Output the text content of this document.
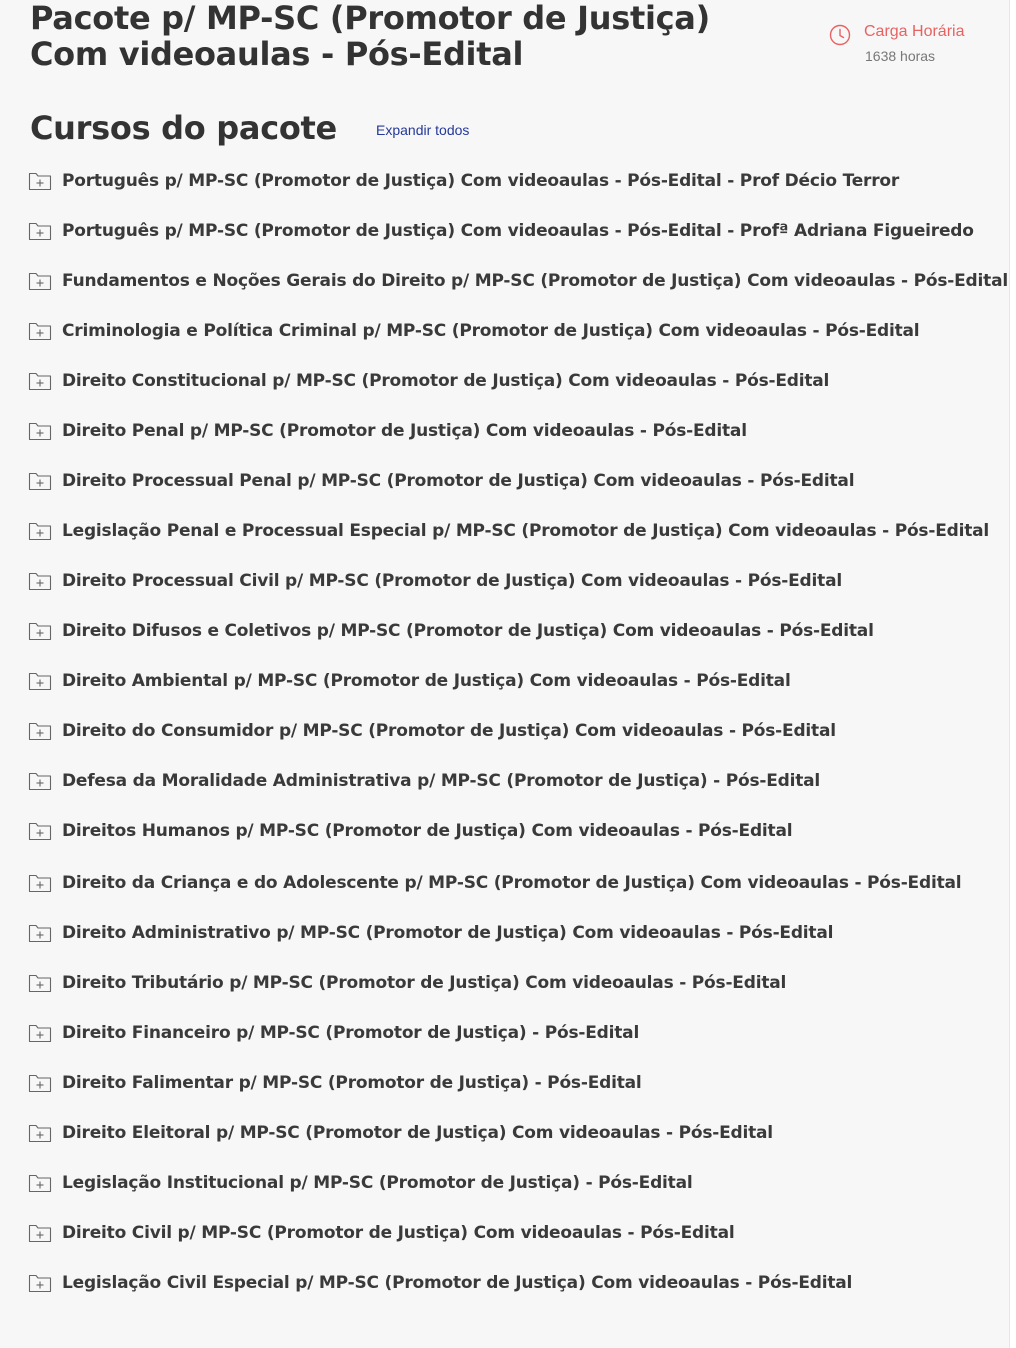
Pacote p/ MP-SC (Promotor de Justiça) Com videoaulas - Pós-Edital
Carga Horária
1638 horas
Cursos do pacote	Expandir todos
Português p/ MP-SC (Promotor de Justiça) Com videoaulas - Pós-Edital - Prof Décio Terror
Português p/ MP-SC (Promotor de Justiça) Com videoaulas - Pós-Edital - Profª Adriana Figueiredo
Fundamentos e Noções Gerais do Direito p/ MP-SC (Promotor de Justiça) Com videoaulas - Pós-Edital
Criminologia e Política Criminal p/ MP-SC (Promotor de Justiça) Com videoaulas - Pós-Edital
Direito Constitucional p/ MP-SC (Promotor de Justiça) Com videoaulas - Pós-Edital
Direito Penal p/ MP-SC (Promotor de Justiça) Com videoaulas - Pós-Edital
Direito Processual Penal p/ MP-SC (Promotor de Justiça) Com videoaulas - Pós-Edital
Legislação Penal e Processual Especial p/ MP-SC (Promotor de Justiça) Com videoaulas - Pós-Edital
Direito Processual Civil p/ MP-SC (Promotor de Justiça) Com videoaulas - Pós-Edital
Direito Difusos e Coletivos p/ MP-SC (Promotor de Justiça) Com videoaulas - Pós-Edital
Direito Ambiental p/ MP-SC (Promotor de Justiça) Com videoaulas - Pós-Edital
Direito do Consumidor p/ MP-SC (Promotor de Justiça) Com videoaulas - Pós-Edital
Defesa da Moralidade Administrativa p/ MP-SC (Promotor de Justiça) - Pós-Edital
Direitos Humanos p/ MP-SC (Promotor de Justiça) Com videoaulas - Pós-Edital
Direito da Criança e do Adolescente p/ MP-SC (Promotor de Justiça) Com videoaulas - Pós-Edital
Direito Administrativo p/ MP-SC (Promotor de Justiça) Com videoaulas - Pós-Edital
Direito Tributário p/ MP-SC (Promotor de Justiça) Com videoaulas - Pós-Edital
Direito Financeiro p/ MP-SC (Promotor de Justiça) - Pós-Edital
Direito Falimentar p/ MP-SC (Promotor de Justiça) - Pós-Edital
Direito Eleitoral p/ MP-SC (Promotor de Justiça) Com videoaulas - Pós-Edital
Legislação Institucional p/ MP-SC (Promotor de Justiça) - Pós-Edital
Direito Civil p/ MP-SC (Promotor de Justiça) Com videoaulas - Pós-Edital
Legislação Civil Especial p/ MP-SC (Promotor de Justiça) Com videoaulas - Pós-Edital
